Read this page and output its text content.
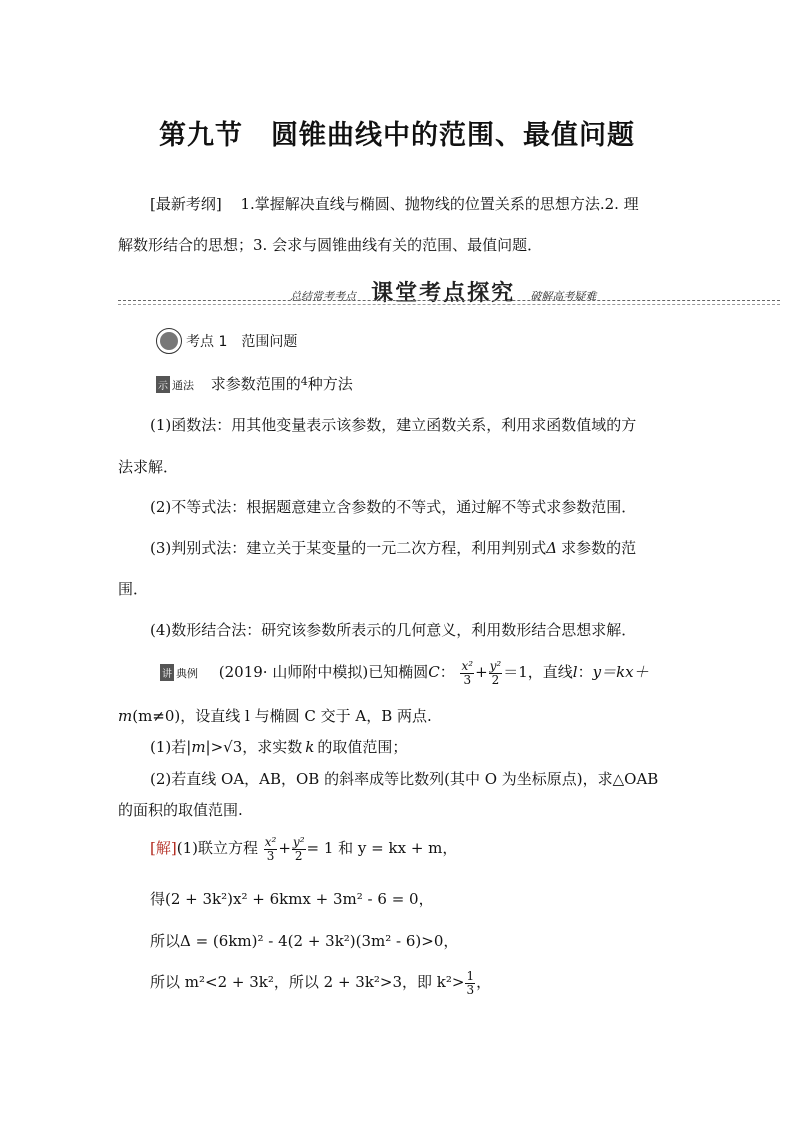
第九节　圆锥曲线中的范围、最值问题
[最新考纲] 1.掌握解决直线与椭圆、抛物线的位置关系的思想方法.2. 理
解数形结合的思想；3. 会求与圆锥曲线有关的范围、最值问题．
总结常考考点 课堂考点探究 破解高考疑难
考点 1　范围问题
示 通法 求参数范围的$^4$种方法
(1)函数法：用其他变量表示该参数，建立函数关系，利用求函数值域的方
法求解．
(2)不等式法：根据题意建立含参数的不等式，通过解不等式求参数范围．
(3)判别式法：建立关于某变量的一元二次方程，利用判别式Δ 求参数的范
围．
(4)数形结合法：研究该参数所表示的几何意义，利用数形结合思想求解．
讲 典例 (2019· 山师附中模拟)已知椭圆C： $\frac{\text{x²}}{3} + \frac{\text{y²}}{2} =1$，直线l：y＝kx＋
m(m≠0)，设直线 l 与椭圆 C 交于 A，B 两点.
(1)若|m|>√3，求实数 k 的取值范围；
(2)若直线 OA，AB，OB 的斜率成等比数列(其中 O 为坐标原点)，求△OAB
的面积的取值范围.
[解](1)联立方程 $\frac{\text{x²}}{3} + \frac{\text{y²}}{2} = 1$ 和 y = kx + m，
得(2 + 3k²)x² + 6kmx + 3m² - 6 = 0，
所以Δ = (6km)² - 4(2 + 3k²)(3m² - 6)>0，
所以 m²<2 + 3k²，所以 2 + 3k²>3，即 $k^2> \frac{1}{3}$ ，
